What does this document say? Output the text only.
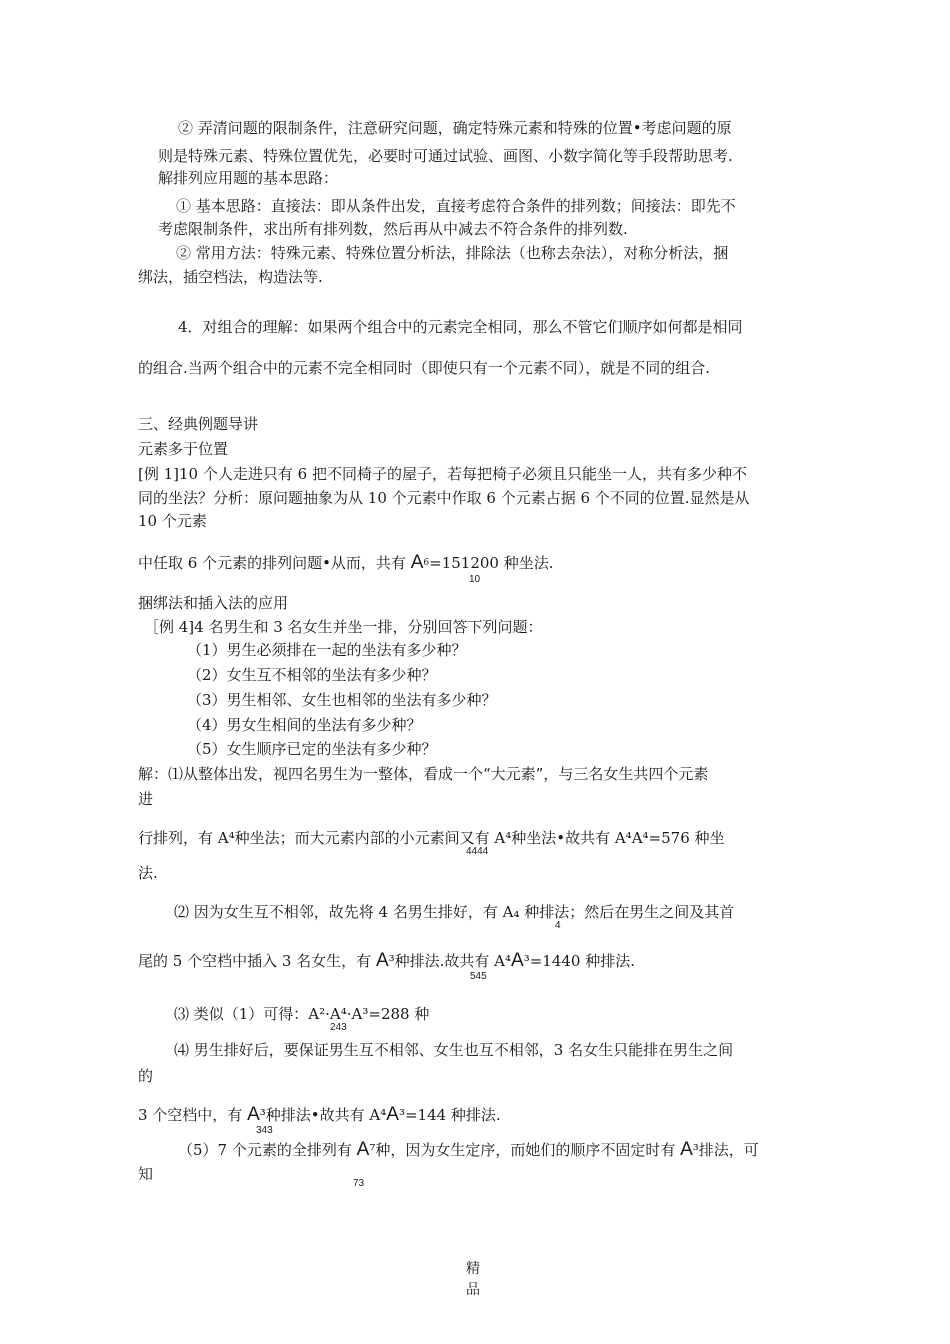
② 弄清问题的限制条件，注意研究问题，确定特殊元素和特殊的位置•考虑问题的原
则是特殊元素、特殊位置优先，必要时可通过试验、画图、小数字简化等手段帮助思考.
解排列应用题的基本思路：
① 基本思路：直接法：即从条件出发，直接考虑符合条件的排列数；间接法：即先不
考虑限制条件，求出所有排列数，然后再从中减去不符合条件的排列数.
② 常用方法：特殊元素、特殊位置分析法，排除法（也称去杂法），对称分析法，捆
绑法，插空档法，构造法等.
4．对组合的理解：如果两个组合中的元素完全相同，那么不管它们顺序如何都是相同
的组合.当两个组合中的元素不完全相同时（即使只有一个元素不同），就是不同的组合.
三、经典例题导讲
元素多于位置
[例 1]10 个人走进只有 6 把不同椅子的屋子，若每把椅子必须且只能坐一人，共有多少种不
同的坐法？分析：原问题抽象为从 10 个元素中作取 6 个元素占据 6 个不同的位置.显然是从
10 个元素
中任取 6 个元素的排列问题•从而，共有 $A^6=151200$ 种坐法.
10
捆绑法和插入法的应用
［例 4]4 名男生和 3 名女生并坐一排，分别回答下列问题：
（1）男生必须排在一起的坐法有多少种？
（2）女生互不相邻的坐法有多少种？
（3）男生相邻、女生也相邻的坐法有多少种？
（4）男女生相间的坐法有多少种？
（5）女生顺序已定的坐法有多少种？
解：⑴从整体出发，视四名男生为一整体，看成一个“大元素”，与三名女生共四个元素
进
行排列，有 A⁴种坐法；而大元素内部的小元素间又有 A⁴种坐法•故共有 A⁴A⁴=576 种坐
4444
法.
⑵ 因为女生互不相邻，故先将 4 名男生排好，有 A₄ 种排法；然后在男生之间及其首
4
尾的 5 个空档中插入 3 名女生，有 A³种排法.故共有 A⁴A³=1440 种排法.
545
⑶ 类似（1）可得：A²·A⁴·A³=288 种
243
⑷ 男生排好后，要保证男生互不相邻、女生也互不相邻，3 名女生只能排在男生之间
的
3 个空档中，有 A³种排法•故共有 A⁴A³=144 种排法.
343
（5）7 个元素的全排列有 A⁷种，因为女生定序，而她们的顺序不固定时有 A³排法，可
知
73
精
品
